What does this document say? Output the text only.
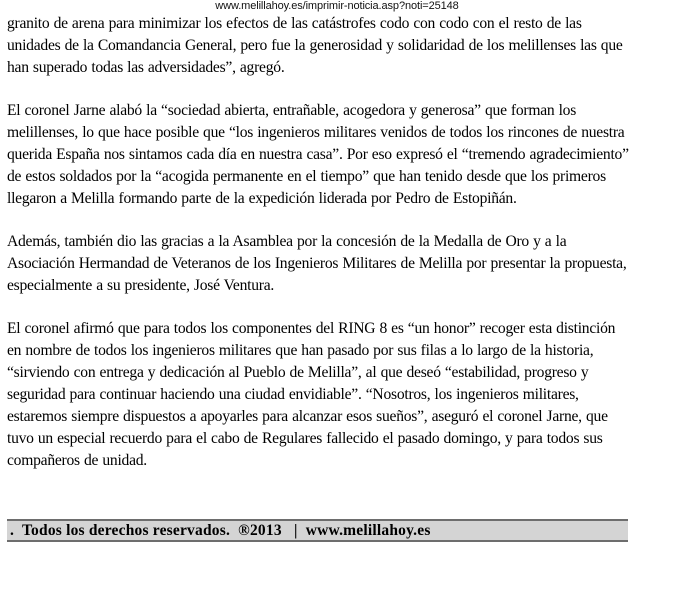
www.melillahoy.es/imprimir-noticia.asp?noti=25148

granito de arena para minimizar los efectos de las catástrofes codo con codo con el resto de las unidades de la Comandancia General, pero fue la generosidad y solidaridad de los melillenses las que han superado todas las adversidades”, agregó.

El coronel Jarne alabó la “sociedad abierta, entrañable, acogedora y generosa” que forman los melillenses, lo que hace posible que “los ingenieros militares venidos de todos los rincones de nuestra querida España nos sintamos cada día en nuestra casa”. Por eso expresó el “tremendo agradecimiento” de estos soldados por la “acogida permanente en el tiempo” que han tenido desde que los primeros llegaron a Melilla formando parte de la expedición liderada por Pedro de Estopiñán.

Además, también dio las gracias a la Asamblea por la concesión de la Medalla de Oro y a la Asociación Hermandad de Veteranos de los Ingenieros Militares de Melilla por presentar la propuesta, especialmente a su presidente, José Ventura.

El coronel afirmó que para todos los componentes del RING 8 es “un honor” recoger esta distinción en nombre de todos los ingenieros militares que han pasado por sus filas a lo largo de la historia, “sirviendo con entrega y dedicación al Pueblo de Melilla”, al que deseó “estabilidad, progreso y seguridad para continuar haciendo una ciudad envidiable”. “Nosotros, los ingenieros militares, estaremos siempre dispuestos a apoyarles para alcanzar esos sueños”, aseguró el coronel Jarne, que tuvo un especial recuerdo para el cabo de Regulares fallecido el pasado domingo, y para todos sus compañeros de unidad.

.  Todos los derechos reservados.  ®2013   |  www.melillahoy.es
